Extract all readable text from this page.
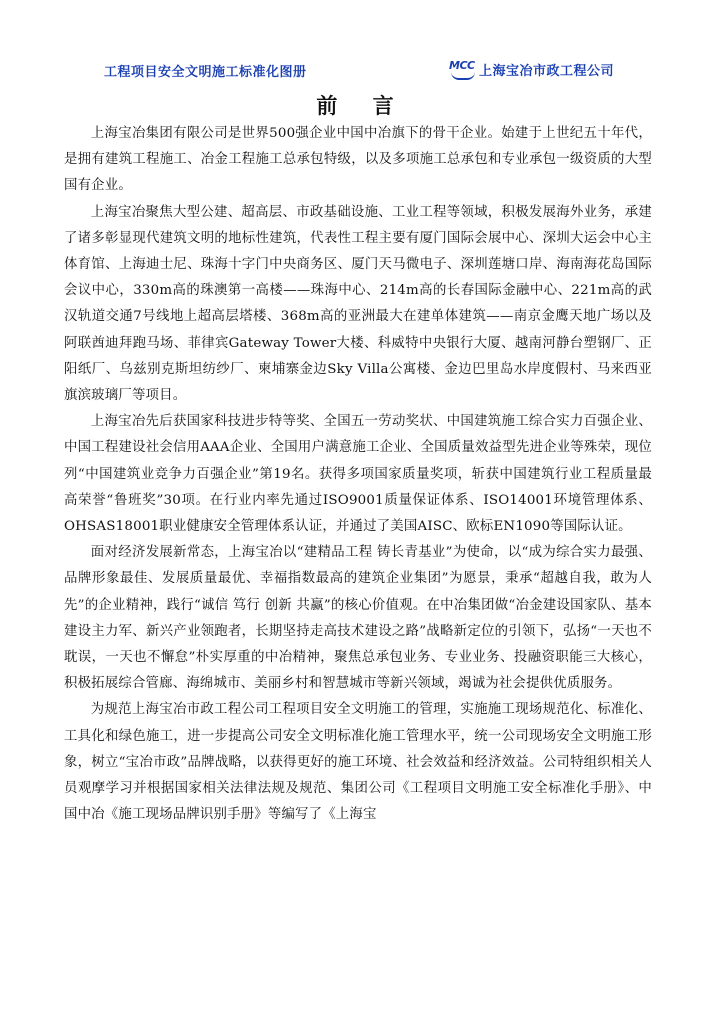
工程项目安全文明施工标准化图册	MCC 上海宝冶市政工程公司
前 言

上海宝冶集团有限公司是世界500强企业中国中冶旗下的骨干企业。始建于上世纪五十年代，是拥有建筑工程施工、冶金工程施工总承包特级，以及多项施工总承包和专业承包一级资质的大型国有企业。

上海宝冶聚焦大型公建、超高层、市政基础设施、工业工程等领域，积极发展海外业务，承建了诸多彰显现代建筑文明的地标性建筑，代表性工程主要有厦门国际会展中心、深圳大运会中心主体育馆、上海迪士尼、珠海十字门中央商务区、厦门天马微电子、深圳莲塘口岸、海南海花岛国际会议中心，330m高的珠澳第一高楼——珠海中心、214m高的长春国际金融中心、221m高的武汉轨道交通7号线地上超高层塔楼、368m高的亚洲最大在建单体建筑——南京金鹰天地广场以及阿联酋迪拜跑马场、菲律宾Gateway Tower大楼、科威特中央银行大厦、越南河静台塑钢厂、正阳纸厂、乌兹别克斯坦纺纱厂、柬埔寨金边Sky Villa公寓楼、金边巴里岛水岸度假村、马来西亚旗滨玻璃厂等项目。

上海宝冶先后获国家科技进步特等奖、全国五一劳动奖状、中国建筑施工综合实力百强企业、中国工程建设社会信用AAA企业、全国用户满意施工企业、全国质量效益型先进企业等殊荣，现位列“中国建筑业竞争力百强企业”第19名。获得多项国家质量奖项，斩获中国建筑行业工程质量最高荣誉“鲁班奖”30项。在行业内率先通过ISO9001质量保证体系、ISO14001环境管理体系、OHSAS18001职业健康安全管理体系认证，并通过了美国AISC、欧标EN1090等国际认证。

面对经济发展新常态，上海宝冶以“建精品工程 铸长青基业”为使命，以“成为综合实力最强、品牌形象最佳、发展质量最优、幸福指数最高的建筑企业集团”为愿景，秉承“超越自我，敢为人先”的企业精神，践行“诚信 笃行 创新 共赢”的核心价值观。在中冶集团做“冶金建设国家队、基本建设主力军、新兴产业领跑者，长期坚持走高技术建设之路”战略新定位的引领下，弘扬“一天也不耽误，一天也不懈怠”朴实厚重的中冶精神，聚焦总承包业务、专业业务、投融资职能三大核心，积极拓展综合管廊、海绵城市、美丽乡村和智慧城市等新兴领域，竭诚为社会提供优质服务。

为规范上海宝冶市政工程公司工程项目安全文明施工的管理，实施施工现场规范化、标准化、工具化和绿色施工，进一步提高公司安全文明标准化施工管理水平，统一公司现场安全文明施工形象，树立“宝冶市政”品牌战略，以获得更好的施工环境、社会效益和经济效益。公司特组织相关人员观摩学习并根据国家相关法律法规及规范、集团公司《工程项目文明施工安全标准化手册》、中国中冶《施工现场品牌识别手册》等编写了《上海宝
